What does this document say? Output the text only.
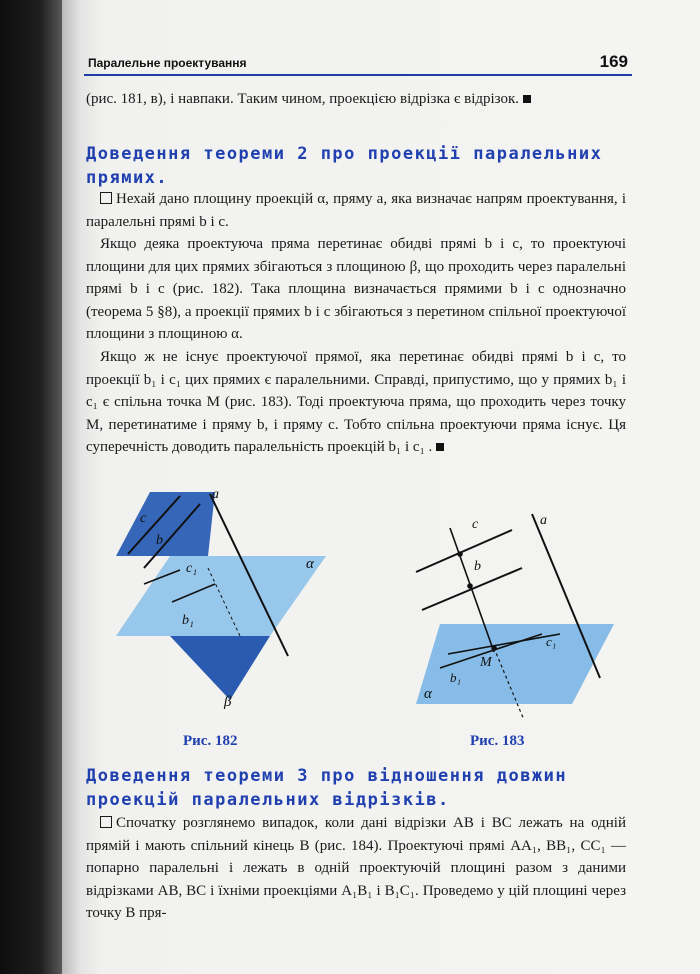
Паралельне проектування	169
(рис. 181, в), і навпаки. Таким чином, проекцією відрізка є відрізок.
Доведення теореми 2 про проекції паралельних прямих.
Нехай дано площину проекцій α, пряму a, яка визначає напрям проектування, і паралельні прямі b і c.
Якщо деяка проектуюча пряма перетинає обидві прямі b і c, то проектуючі площини для цих прямих збігаються з площиною β, що проходить через паралельні прямі b і c (рис. 182). Така площина визначається прямими b і c однозначно (теорема 5 §8), а проекції прямих b і c збігаються з перетином спільної проектуючої площини з площиною α.
Якщо ж не існує проектуючої прямої, яка перетинає обидві прямі b і c, то проекції b₁ і c₁ цих прямих є паралельними. Справді, припустимо, що у прямих b₁ і c₁ є спільна точка M (рис. 183). Тоді проектуюча пряма, що проходить через точку M, перетинатиме і пряму b, і пряму c. Тобто спільна проектуючи пряма існує. Ця суперечність доводить паралельність проекцій b₁ і c₁ .
a
c
b
c₁
b₁
α
β
Рис. 182
c	a
b
c₁
M
b₁
α
Рис. 183
Доведення теореми 3 про відношення довжин проекцій паралельних відрізків.
Спочатку розглянемо випадок, коли дані відрізки AB і BC лежать на одній прямій і мають спільний кінець B (рис. 184). Проектуючі прямі AA₁, BB₁, CC₁ — попарно паралельні і лежать в одній проектуючій площині разом з даними відрізками AB, BC і їхніми проекціями A₁B₁ і B₁C₁. Проведемо у цій площині через точку B пря-
